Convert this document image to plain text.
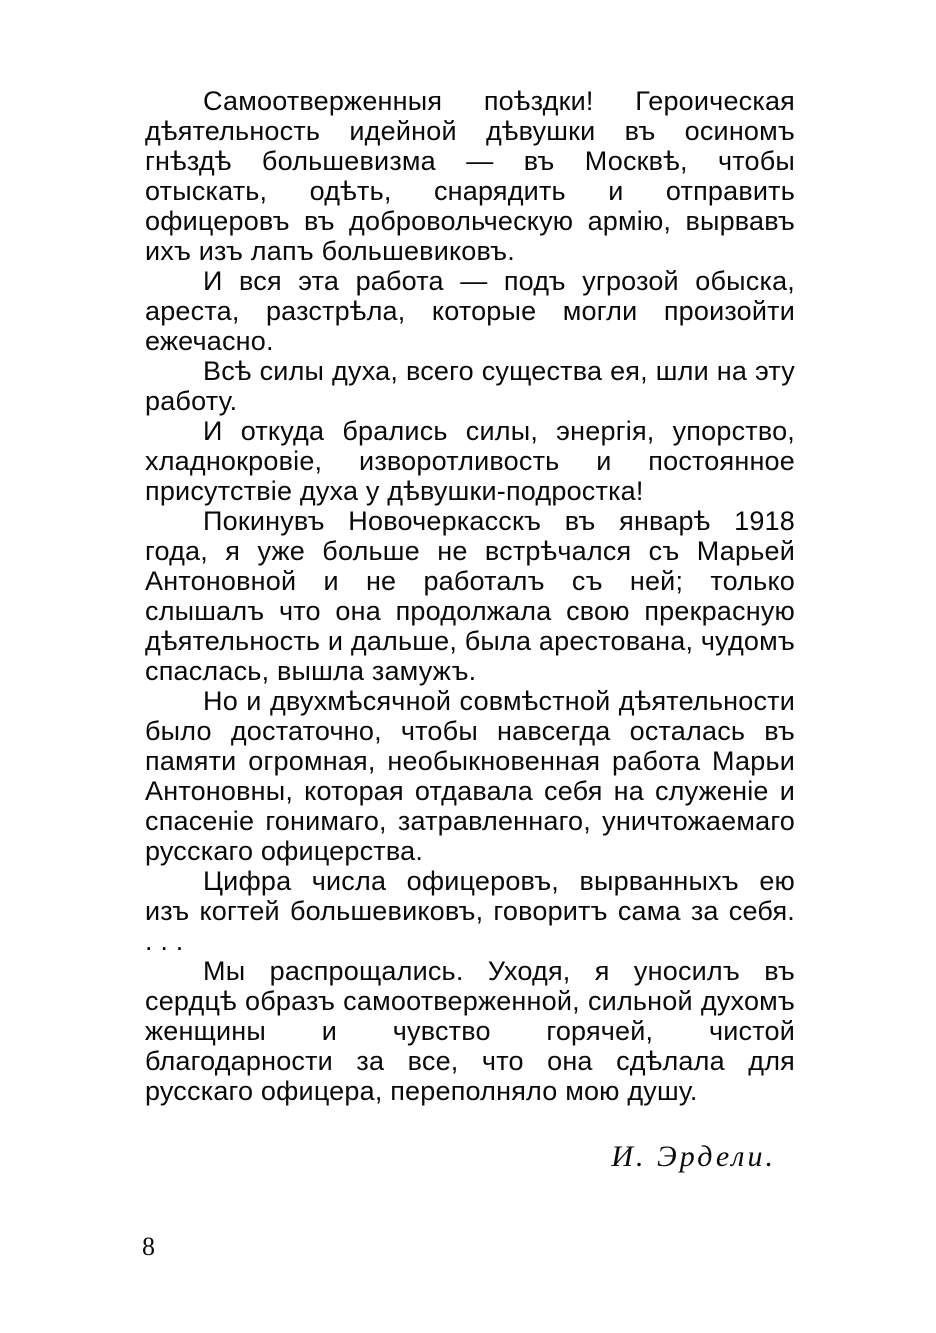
Самоотверженныя поѣздки! Героическая дѣятельность идейной дѣвушки въ осиномъ гнѣздѣ большевизма — въ Москвѣ, чтобы отыскать, одѣть, снарядить и отправить офицеровъ въ добровольческую армію, вырвавъ ихъ изъ лапъ большевиковъ.

И вся эта работа — подъ угрозой обыска, ареста, разстрѣла, которые могли произойти ежечасно.

Всѣ силы духа, всего существа ея, шли на эту работу.

И откуда брались силы, энергія, упорство, хладнокровіе, изворотливость и постоянное присутствіе духа у дѣвушки-подростка!

Покинувъ Новочеркасскъ въ январѣ 1918 года, я уже больше не встрѣчался съ Марьей Антоновной и не работалъ съ ней; только слышалъ что она продолжала свою прекрасную дѣятельность и дальше, была арестована, чудомъ спаслась, вышла замужъ.

Но и двухмѣсячной совмѣстной дѣятельности было достаточно, чтобы навсегда осталась въ памяти огромная, необыкновенная работа Марьи Антоновны, которая отдавала себя на служеніе и спасеніе гонимаго, затравленнаго, уничтожаемаго русскаго офицерства.

Цифра числа офицеровъ, вырванныхъ ею изъ когтей большевиковъ, говоритъ сама за себя. . . .

Мы распрощались. Уходя, я уносилъ въ сердцѣ образъ самоотверженной, сильной духомъ женщины и чувство горячей, чистой благодарности за все, что она сдѣлала для русскаго офицера, переполняло мою душу.

И. Эрдели.
8
